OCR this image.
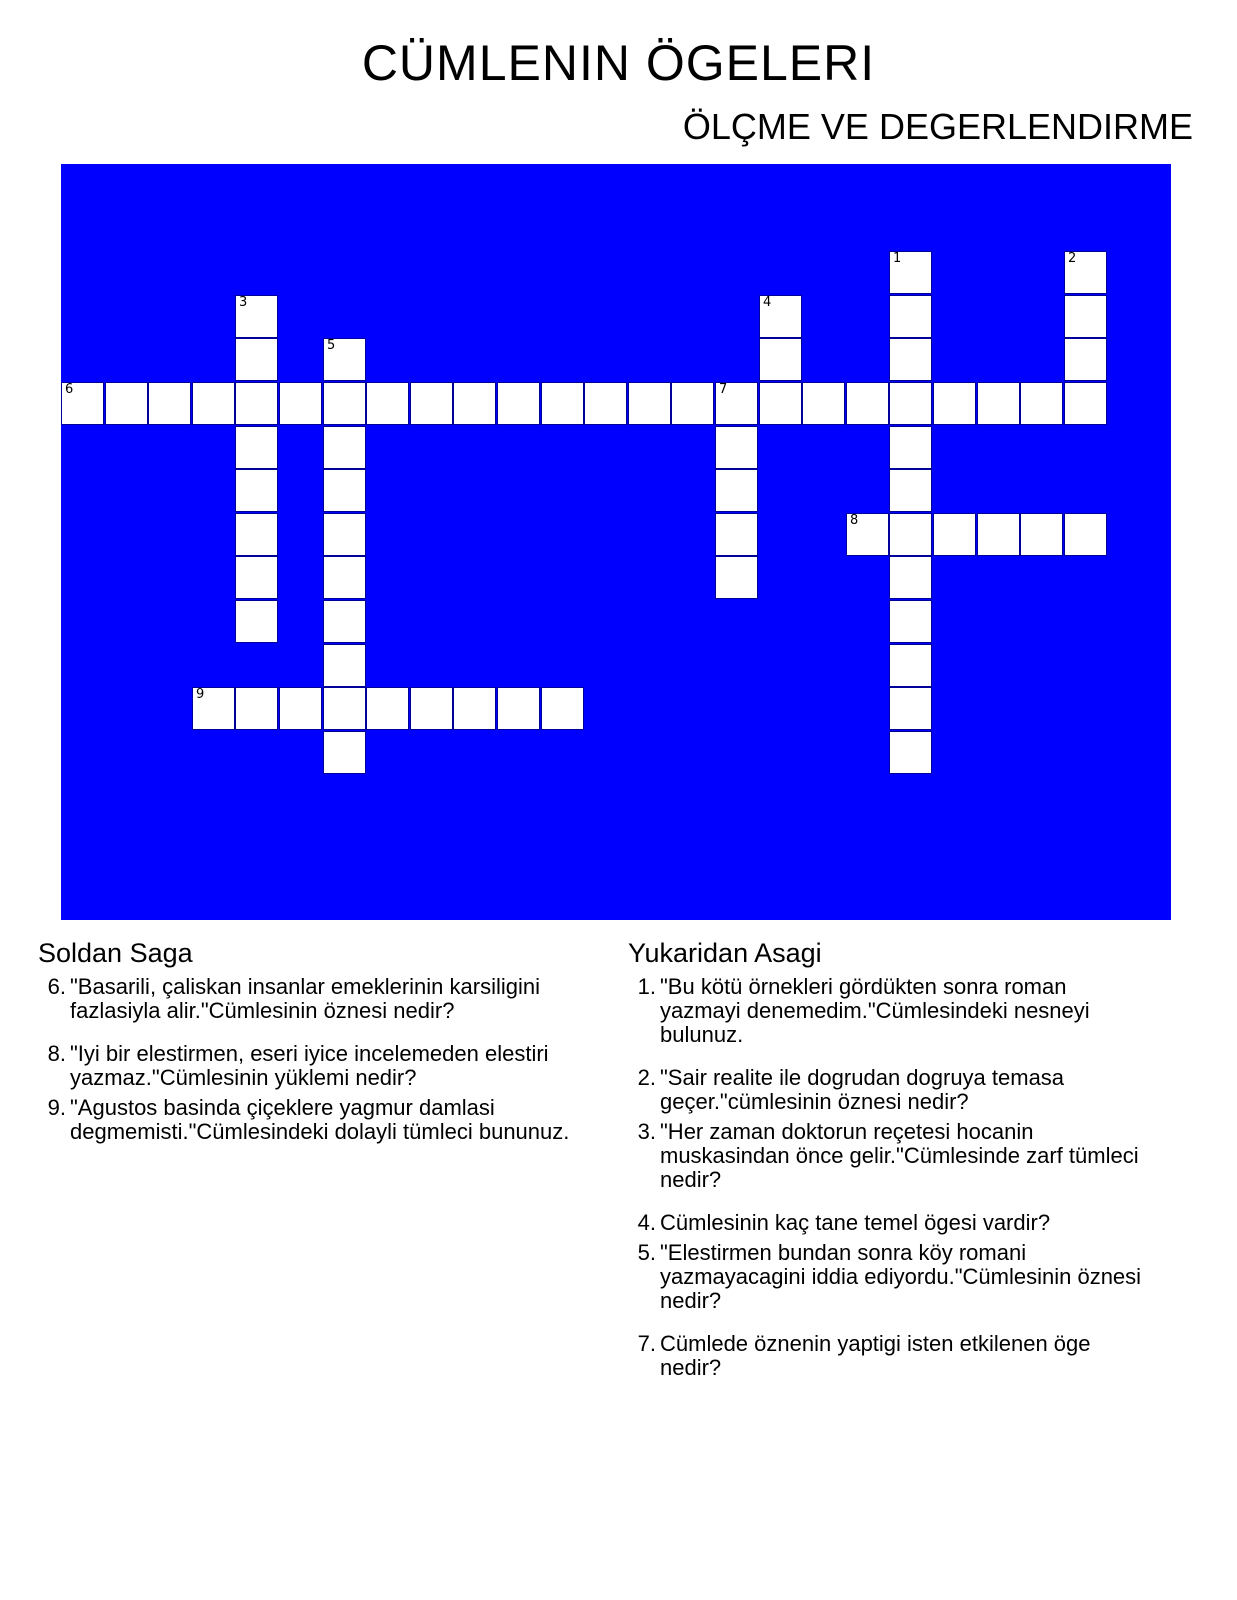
CÜMLENIN ÖGELERI
ÖLÇME VE DEGERLENDIRME
1	2
3	4
5
6	7
8
9
Soldan Saga
6. "Basarili, çaliskan insanlar emeklerinin karsiligini fazlasiyla alir."Cümlesinin öznesi nedir?
8. "Iyi bir elestirmen, eseri iyice incelemeden elestiri yazmaz."Cümlesinin yüklemi nedir?
9. "Agustos basinda çiçeklere yagmur damlasi degmemisti."Cümlesindeki dolayli tümleci bununuz.
Yukaridan Asagi
1. "Bu kötü örnekleri gördükten sonra roman yazmayi denemedim."Cümlesindeki nesneyi bulunuz.
2. "Sair realite ile dogrudan dogruya temasa geçer."cümlesinin öznesi nedir?
3. "Her zaman doktorun reçetesi hocanin muskasindan önce gelir."Cümlesinde zarf tümleci nedir?
4. Cümlesinin kaç tane temel ögesi vardir?
5. "Elestirmen bundan sonra köy romani yazmayacagini iddia ediyordu."Cümlesinin öznesi nedir?
7. Cümlede öznenin yaptigi isten etkilenen öge nedir?
